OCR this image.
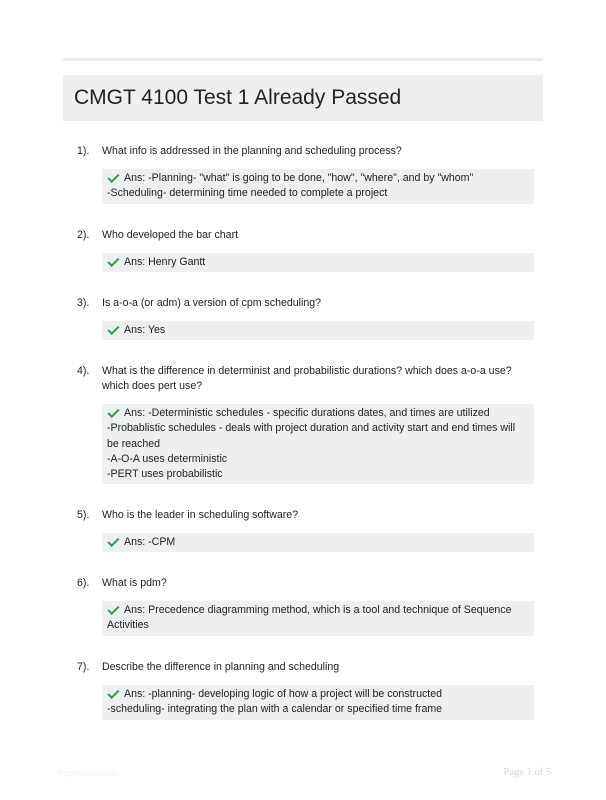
CMGT 4100 Test 1 Already Passed
1).	What info is addressed in the planning and scheduling process?
Ans: -Planning- "what" is going to be done, "how", "where", and by "whom"
-Scheduling- determining time needed to complete a project
2).	Who developed the bar chart
Ans: Henry Gantt
3).	Is a-o-a (or adm) a version of cpm scheduling?
Ans: Yes
4).	What is the difference in determinist and probabilistic durations? which does a-o-a use? which does pert use?
Ans: -Deterministic schedules - specific durations dates, and times are utilized
-Probablistic schedules - deals with project duration and activity start and end times will be reached
-A-O-A uses deterministic
-PERT uses probabilistic
5).	Who is the leader in scheduling software?
Ans: -CPM
6).	What is pdm?
Ans: Precedence diagramming method, which is a tool and technique of Sequence Activities
7).	Describe the difference in planning and scheduling
Ans: -planning- developing logic of how a project will be constructed
-scheduling- integrating the plan with a calendar or specified time frame
Paperfolio.com	Page 1 of 5
